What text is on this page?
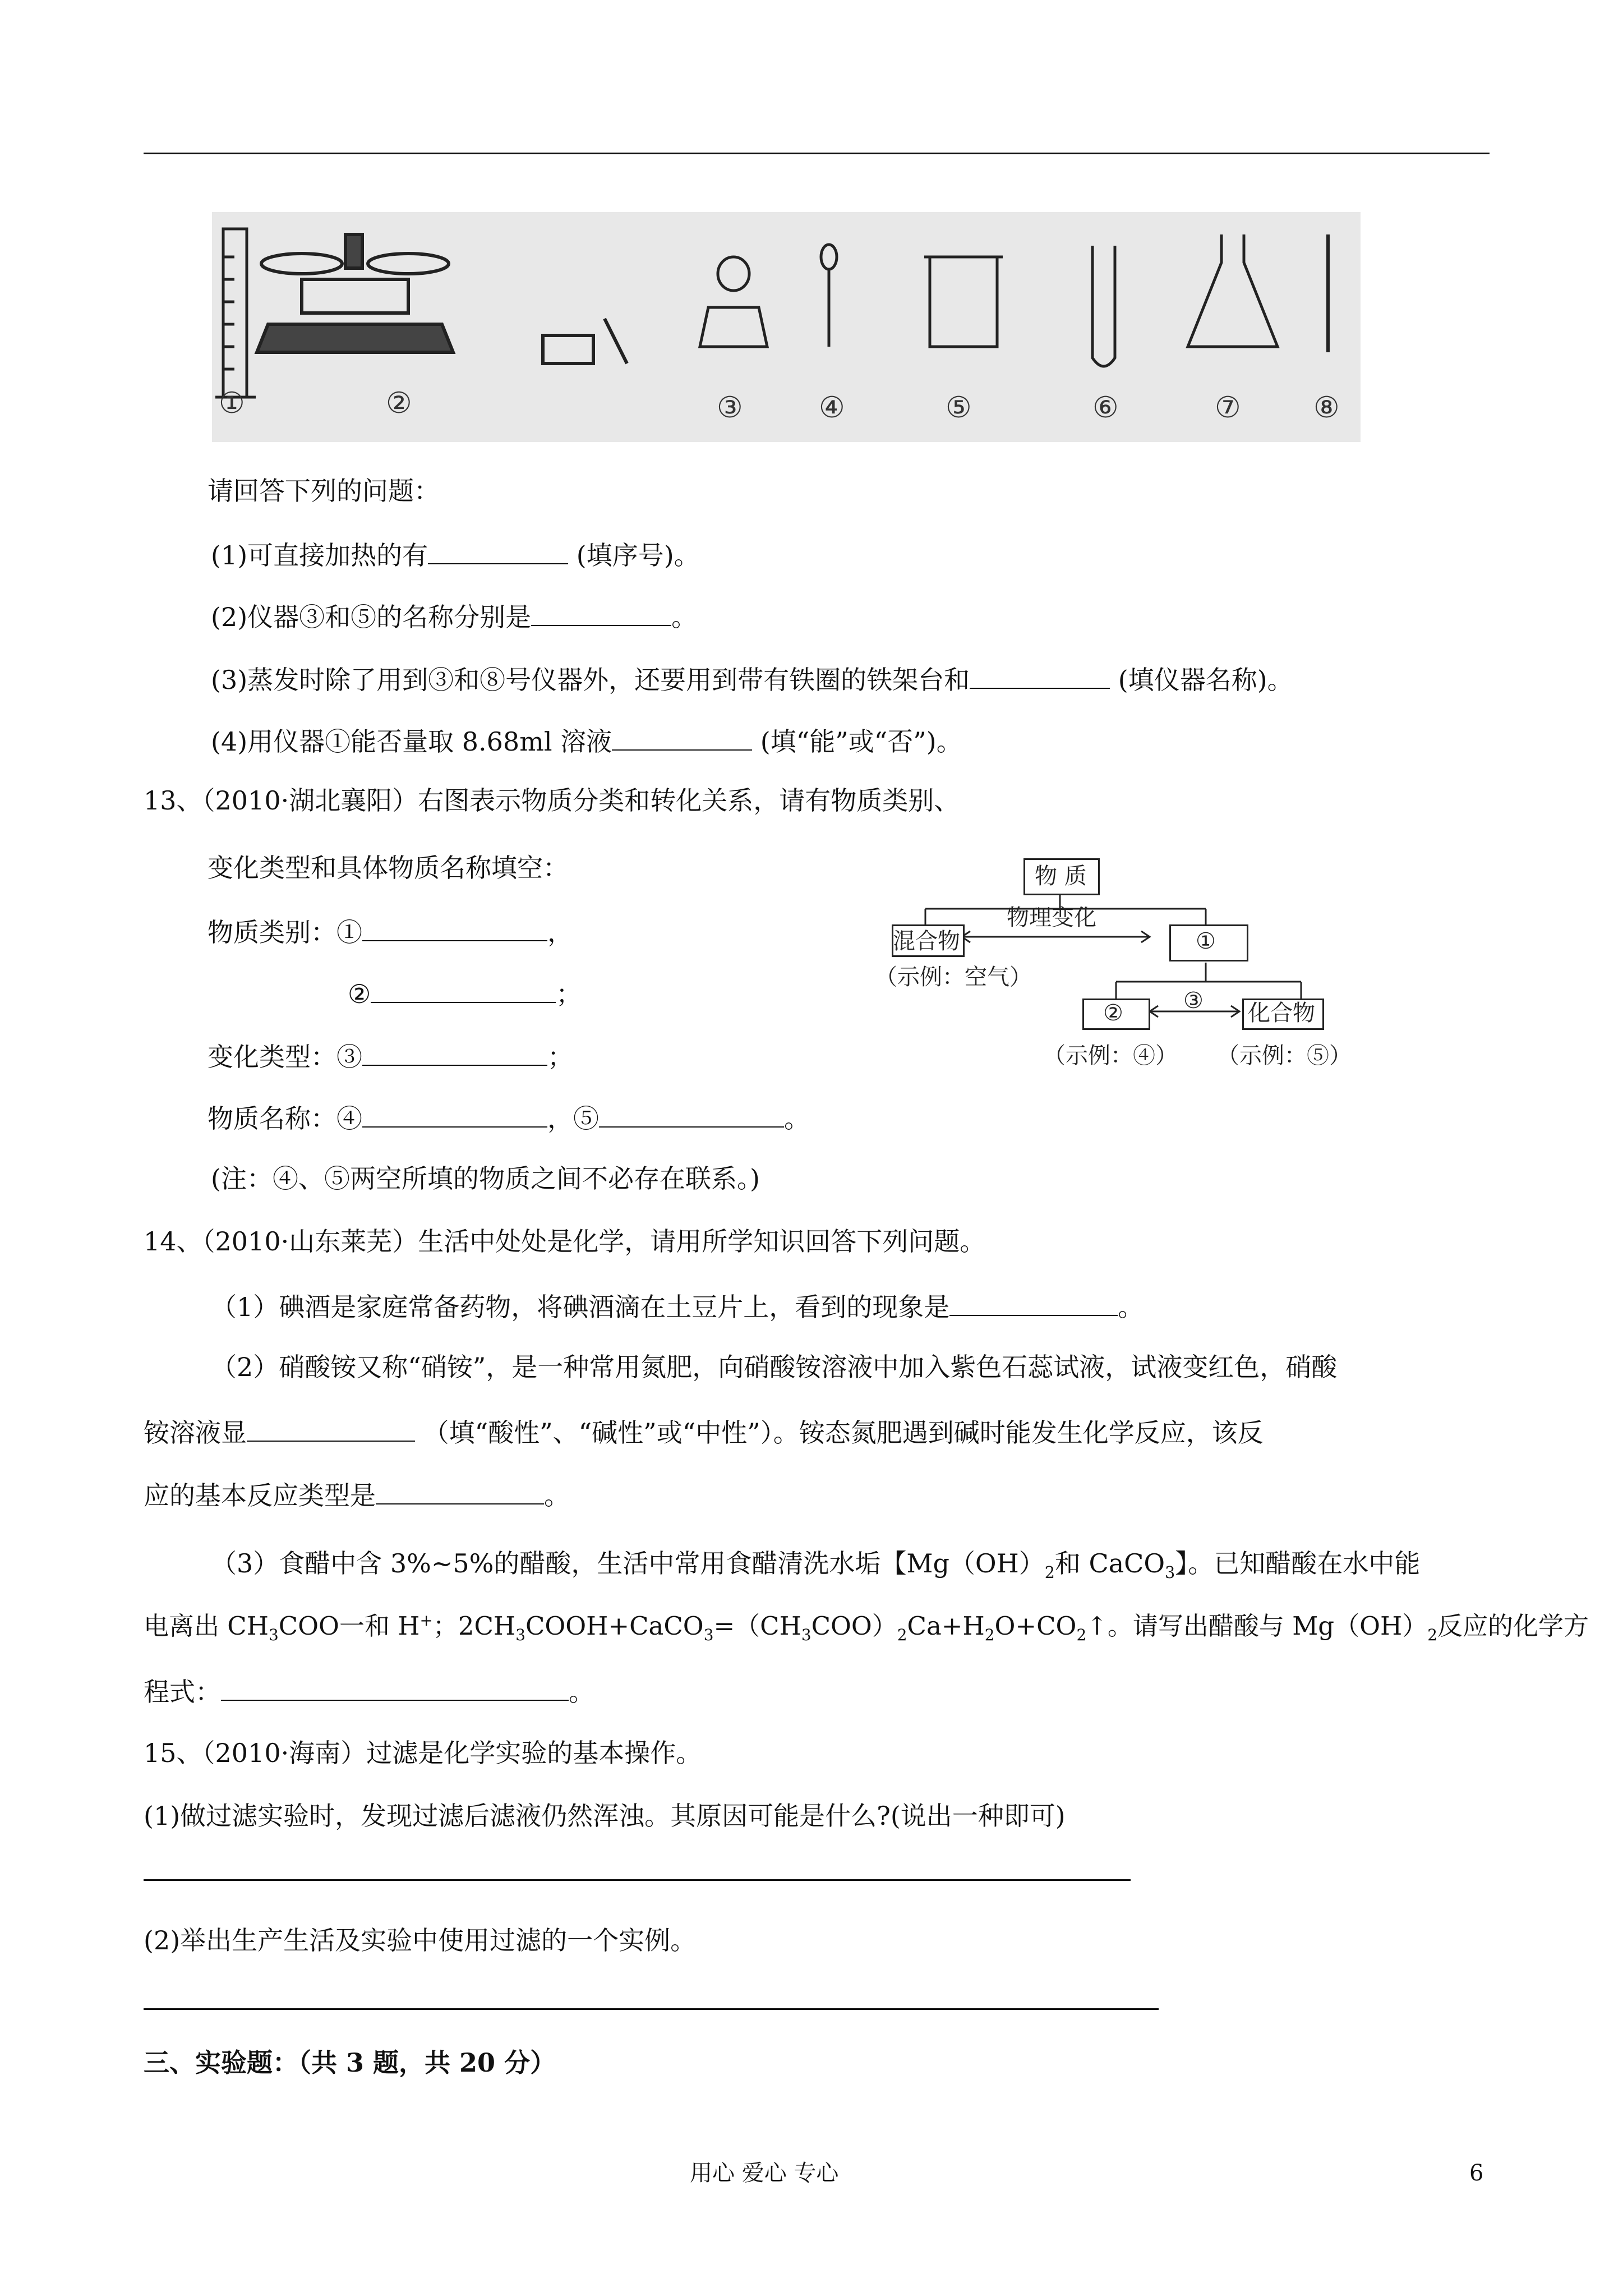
①	②	③	④	⑤	⑥	⑦ ⑧
请回答下列的问题：
(1)可直接加热的有	(填序号)。
(2)仪器③和⑤的名称分别是	。
(3)蒸发时除了用到③和⑧号仪器外，还要用到带有铁圈的铁架台和	(填仪器名称)。
(4)用仪器①能否量取 8.68ml 溶液	(填“能”或“否”)。
13、（2010·湖北襄阳）右图表示物质分类和转化关系，请有物质类别、
变化类型和具体物质名称填空：
物质类别：①	，
②	；
变化类型：③	；
物质名称：④	，⑤	。
(注：④、⑤两空所填的物质之间不必存在联系。)
物 质
混合物
物理变化
①
（示例：空气）
②	③ 化合物
（示例：④） （示例：⑤）
14、（2010·山东莱芜）生活中处处是化学，请用所学知识回答下列问题。
（1）碘酒是家庭常备药物，将碘酒滴在土豆片上，看到的现象是	。
（2）硝酸铵又称“硝铵”，是一种常用氮肥，向硝酸铵溶液中加入紫色石蕊试液，试液变红色，硝酸
铵溶液显	（填“酸性”、“碱性”或“中性”）。铵态氮肥遇到碱时能发生化学反应，该反
应的基本反应类型是	。
（3）食醋中含 3%~5%的醋酸，生活中常用食醋清洗水垢【$Mg(OH)_2$和 CaCO$_3$】。已知醋酸在水中能
电离出 $CH_3COO$一和 H+；$2CH_3COOH+CaCO_3=(CH_3COO)_2Ca+H_2O+CO_2↑$。请写出醋酸与 $Mg(OH)_2$反应的化学方
程式：	。
15、（2010·海南）过滤是化学实验的基本操作。
(1)做过滤实验时，发现过滤后滤液仍然浑浊。其原因可能是什么?(说出一种即可)
(2)举出生产生活及实验中使用过滤的一个实例。
三、实验题：（共 3 题，共 20 分）
用心 爱心 专心	6
